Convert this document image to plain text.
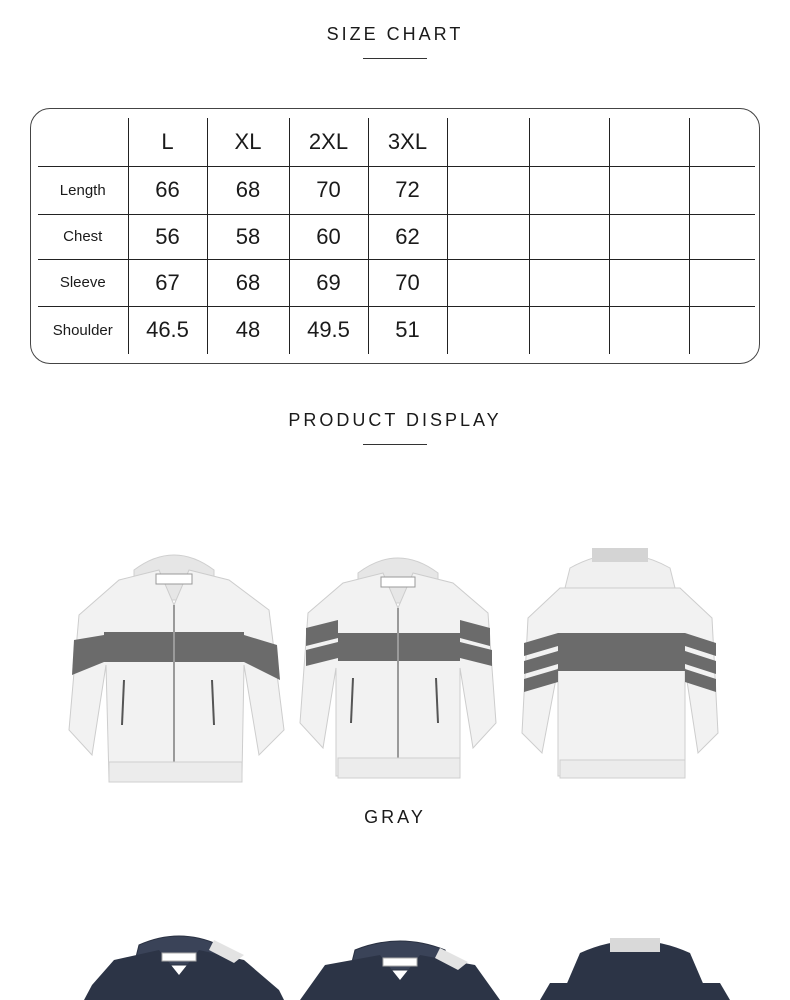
SIZE CHART
	L	XL	2XL	3XL				
Length	66	68	70	72				
Chest	56	58	60	62				
Sleeve	67	68	69	70				
Shoulder	46.5	48	49.5	51				
PRODUCT DISPLAY
GRAY
